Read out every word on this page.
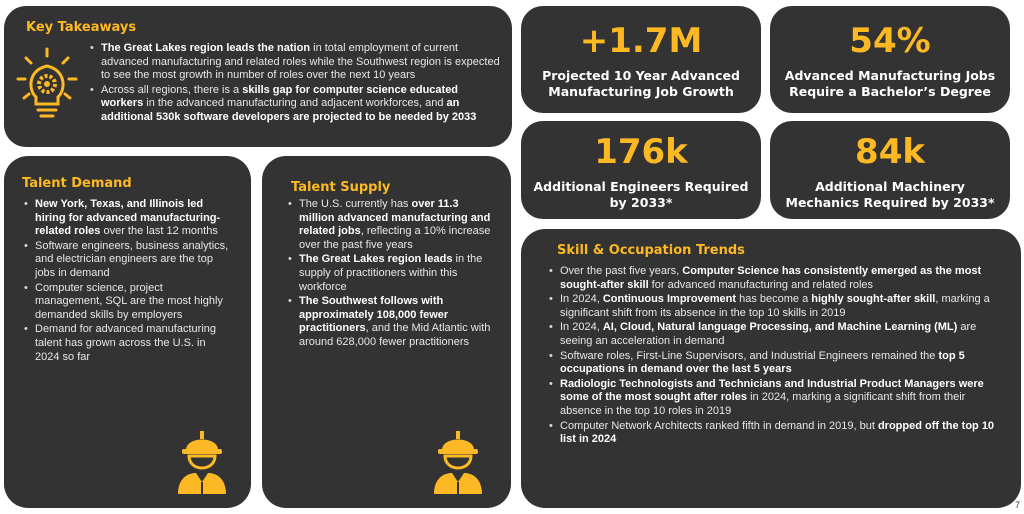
Key Takeaways
• The Great Lakes region leads the nation in total employment of current advanced manufacturing and related roles while the Southwest region is expected to see the most growth in number of roles over the next 10 years
• Across all regions, there is a skills gap for computer science educated workers in the advanced manufacturing and adjacent workforces, and an additional 530k software developers are projected to be needed by 2033
+1.7M
Projected 10 Year Advanced Manufacturing Job Growth
54%
Advanced Manufacturing Jobs Require a Bachelor’s Degree
176k
Additional Engineers Required by 2033*
84k
Additional Machinery Mechanics Required by 2033*
Talent Demand
• New York, Texas, and Illinois led hiring for advanced manufacturing-related roles over the last 12 months
• Software engineers, business analytics, and electrician engineers are the top jobs in demand
• Computer science, project management, SQL are the most highly demanded skills by employers
• Demand for advanced manufacturing talent has grown across the U.S. in 2024 so far
Talent Supply
• The U.S. currently has over 11.3 million advanced manufacturing and related jobs, reflecting a 10% increase over the past five years
• The Great Lakes region leads in the supply of practitioners within this workforce
• The Southwest follows with approximately 108,000 fewer practitioners, and the Mid Atlantic with around 628,000 fewer practitioners
Skill & Occupation Trends
• Over the past five years, Computer Science has consistently emerged as the most sought-after skill for advanced manufacturing and related roles
• In 2024, Continuous Improvement has become a highly sought-after skill, marking a significant shift from its absence in the top 10 skills in 2019
• In 2024, AI, Cloud, Natural language Processing, and Machine Learning (ML) are seeing an acceleration in demand
• Software roles, First-Line Supervisors, and Industrial Engineers remained the top 5 occupations in demand over the last 5 years
• Radiologic Technologists and Technicians and Industrial Product Managers were some of the most sought after roles in 2024, marking a significant shift from their absence in the top 10 roles in 2019
• Computer Network Architects ranked fifth in demand in 2019, but dropped off the top 10 list in 2024
7
